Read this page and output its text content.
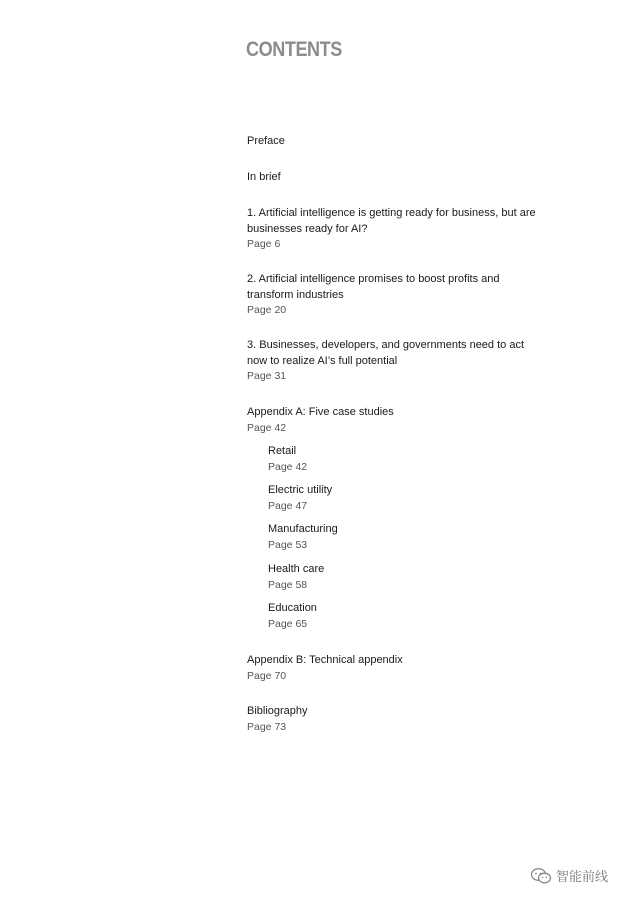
CONTENTS
Preface
In brief
1. Artificial intelligence is getting ready for business, but are businesses ready for AI?
Page 6
2. Artificial intelligence promises to boost profits and transform industries
Page 20
3. Businesses, developers, and governments need to act now to realize AI’s full potential
Page 31
Appendix A: Five case studies
Page 42
Retail
Page 42
Electric utility
Page 47
Manufacturing
Page 53
Health care
Page 58
Education
Page 65
Appendix B: Technical appendix
Page 70
Bibliography
Page 73
智能前线
